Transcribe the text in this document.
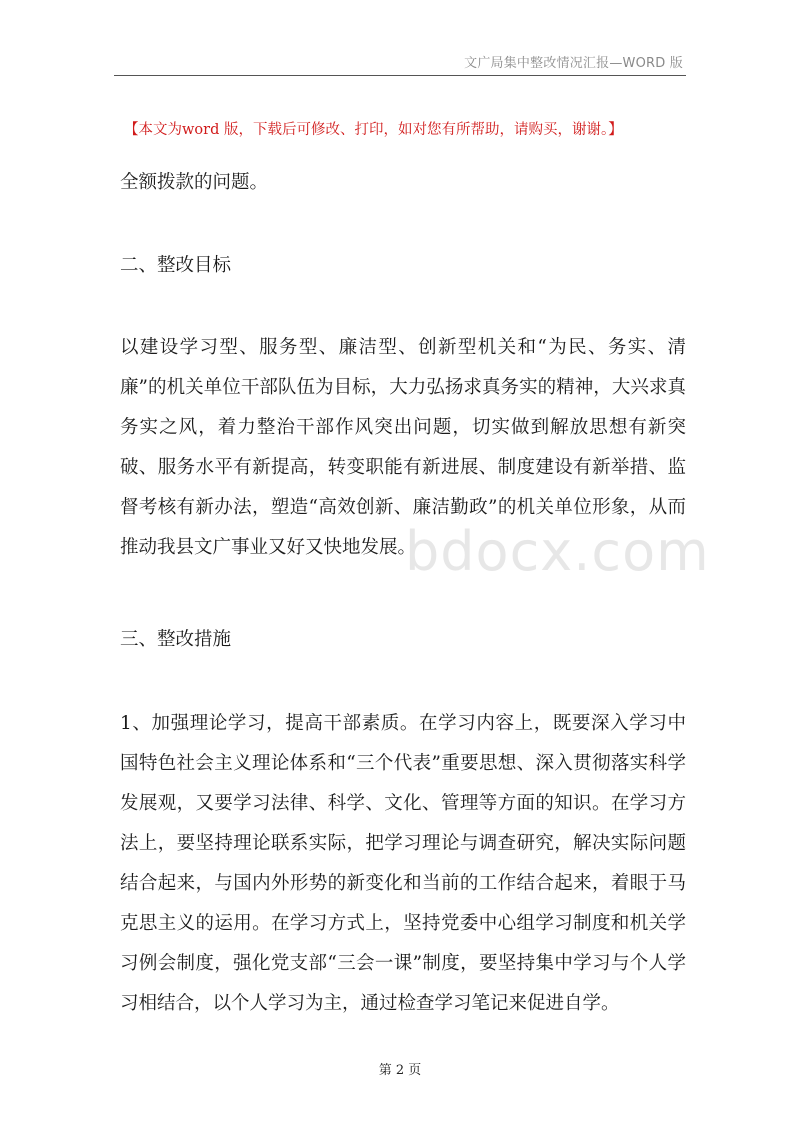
文广局集中整改情况汇报—WORD 版
【本文为word 版，下载后可修改、打印，如对您有所帮助，请购买，谢谢。】
bdocx.com

全额拨款的问题。

二、整改目标

以建设学习型、服务型、廉洁型、创新型机关和“为民、务实、清廉”的机关单位干部队伍为目标，大力弘扬求真务实的精神，大兴求真务实之风，着力整治干部作风突出问题，切实做到解放思想有新突破、服务水平有新提高，转变职能有新进展、制度建设有新举措、监督考核有新办法，塑造“高效创新、廉洁勤政”的机关单位形象，从而推动我县文广事业又好又快地发展。

三、整改措施

1、加强理论学习，提高干部素质。在学习内容上，既要深入学习中国特色社会主义理论体系和“三个代表”重要思想、深入贯彻落实科学发展观，又要学习法律、科学、文化、管理等方面的知识。在学习方法上，要坚持理论联系实际，把学习理论与调查研究，解决实际问题结合起来，与国内外形势的新变化和当前的工作结合起来，着眼于马克思主义的运用。在学习方式上，坚持党委中心组学习制度和机关学习例会制度，强化党支部“三会一课”制度，要坚持集中学习与个人学习相结合，以个人学习为主，通过检查学习笔记来促进自学。

第 2 页
